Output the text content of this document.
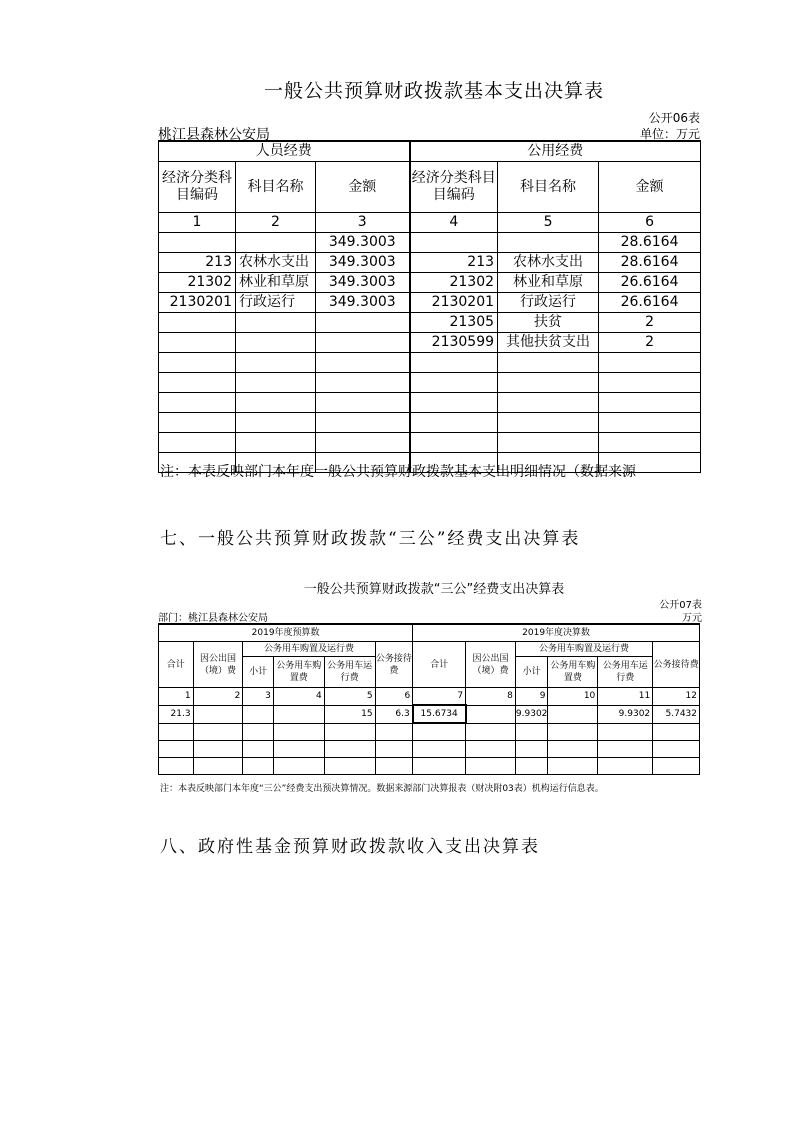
一般公共预算财政拨款基本支出决算表
公开06表
桃江县森林公安局	单位：万元
人员经费			公用经费		
经济分类科目编码	科目名称	金额	经济分类科目目编码	科目名称	金额
1	2	3	4	5	6
		349.3003			28.6164
213	农林水支出	349.3003	213	农林水支出	28.6164
21302	林业和草原	349.3003	21302	林业和草原	26.6164
2130201	行政运行	349.3003	2130201	行政运行	26.6164
			21305	扶贫	2
			2130599	其他扶贫支出	2

注：本表反映部门本年度一般公共预算财政拨款基本支出明细情况（数据来源
七、一般公共预算财政拨款“三公”经费支出决算表
一般公共预算财政拨款“三公”经费支出决算表
公开07表
部门：桃江县森林公安局	万元
2019年度预算数						2019年度决算数					
合计	因公出国（境）费	公务用车购置及运行费			公务接待费	合计	因公出国（境）费	公务用车购置及运行费			公务接待费
		小计	公务用车购置费	公务用车运行费				小计	公务用车购置费	公务用车运行费	
1	2	3	4	5	6	7	8	9	10	11	12
21.3				15	6.3	15.6734		9.9302		9.9302	5.7432

注：本表反映部门本年度“三公”经费支出预决算情况。数据来源部门决算报表（财决附03表）机构运行信息表。
八、政府性基金预算财政拨款收入支出决算表
